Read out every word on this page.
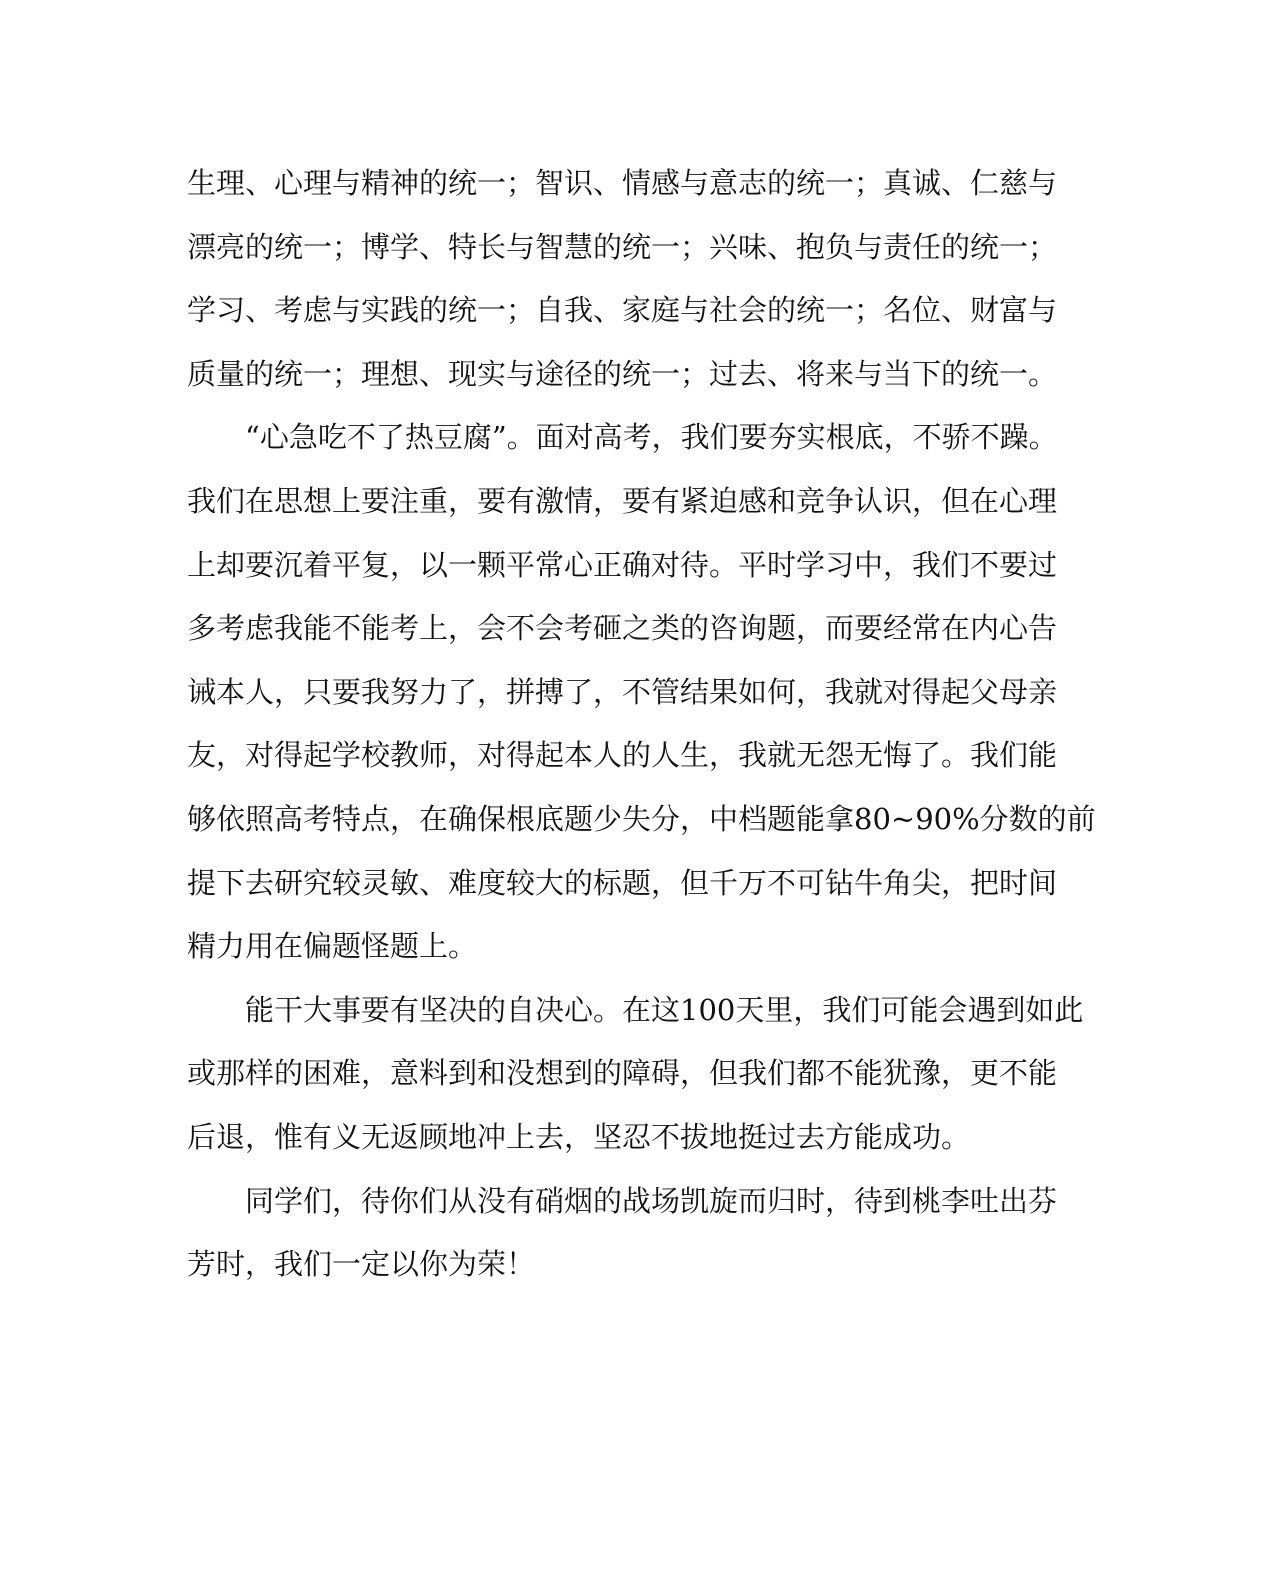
生理、心理与精神的统一；智识、情感与意志的统一；真诚、仁慈与
漂亮的统一；博学、特长与智慧的统一；兴味、抱负与责任的统一；
学习、考虑与实践的统一；自我、家庭与社会的统一；名位、财富与
质量的统一；理想、现实与途径的统一；过去、将来与当下的统一。
“心急吃不了热豆腐”。面对高考，我们要夯实根底，不骄不躁。
我们在思想上要注重，要有激情，要有紧迫感和竞争认识，但在心理
上却要沉着平复，以一颗平常心正确对待。平时学习中，我们不要过
多考虑我能不能考上，会不会考砸之类的咨询题，而要经常在内心告
诫本人，只要我努力了，拼搏了，不管结果如何，我就对得起父母亲
友，对得起学校教师，对得起本人的人生，我就无怨无悔了。我们能
够依照高考特点，在确保根底题少失分，中档题能拿80~90%分数的前
提下去研究较灵敏、难度较大的标题，但千万不可钻牛角尖，把时间
精力用在偏题怪题上。
能干大事要有坚决的自决心。在这100天里，我们可能会遇到如此
或那样的困难，意料到和没想到的障碍，但我们都不能犹豫，更不能
后退，惟有义无返顾地冲上去，坚忍不拔地挺过去方能成功。
同学们，待你们从没有硝烟的战场凯旋而归时，待到桃李吐出芬
芳时，我们一定以你为荣！
